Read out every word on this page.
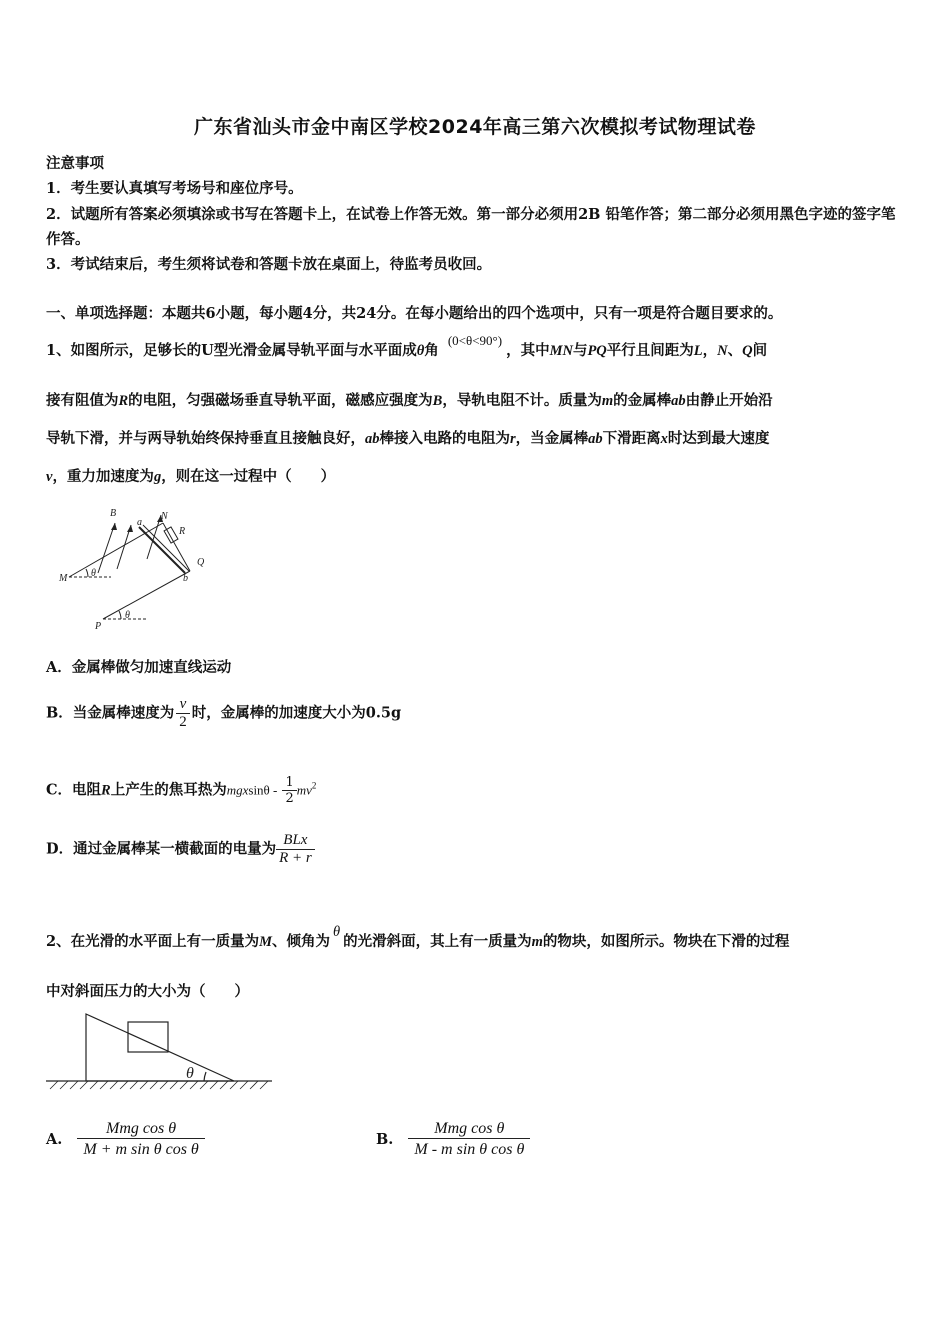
广东省汕头市金中南区学校2024年高三第六次模拟考试物理试卷
注意事项
1．考生要认真填写考场号和座位序号。
2．试题所有答案必须填涂或书写在答题卡上，在试卷上作答无效。第一部分必须用2B 铅笔作答；第二部分必须用黑色字迹的签字笔作答。
3．考试结束后，考生须将试卷和答题卡放在桌面上，待监考员收回。
一、单项选择题：本题共6小题，每小题4分，共24分。在每小题给出的四个选项中，只有一项是符合题目要求的。
1、如图所示，足够长的U型光滑金属导轨平面与水平面成θ角 (0<θ<90°)，其中MN与PQ平行且间距为L，N、Q间
接有阻值为R的电阻，匀强磁场垂直导轨平面，磁感应强度为B，导轨电阻不计。质量为m的金属棒ab由静止开始沿
导轨下滑，并与两导轨始终保持垂直且接触良好，ab棒接入电路的电阻为r，当金属棒ab下滑距离x时达到最大速度
v，重力加速度为g，则在这一过程中（　　）
B
a
N
R
Q
b
M θ
P
θ
A．金属棒做匀加速直线运动
B．当金属棒速度为 $\frac{v}{2}$ 时，金属棒的加速度大小为0.5g
C．电阻R上产生的焦耳热为mgxsinθ - $\frac{1}{2} mv^2$
D．通过金属棒某一横截面的电量为 $\frac{\text{BLx}}{R + r}$
2、在光滑的水平面上有一质量为M、倾角为θ的光滑斜面，其上有一质量为m的物块，如图所示。物块在下滑的过程
中对斜面压力的大小为（　　）
θ
A. $\frac{\text{Mmg cos θ}}{\text{M + m sin θ cos θ}}$	B. $\frac{\text{Mmg cos θ}}{\text{M - m sin θ cos θ}}$
